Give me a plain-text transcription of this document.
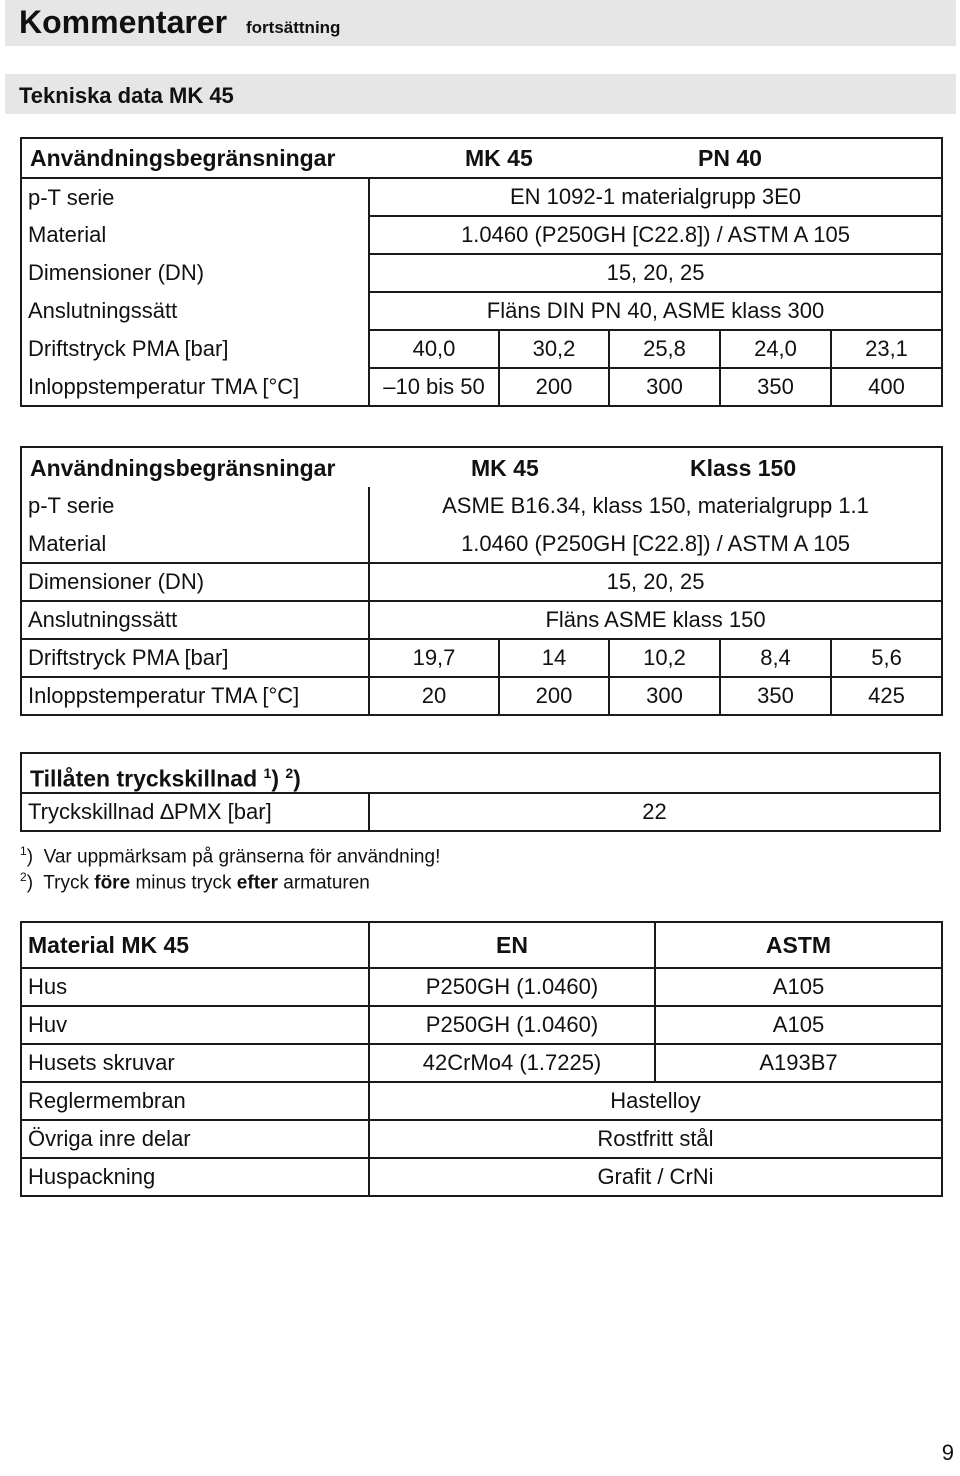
Kommentarer fortsättning
Tekniska data MK 45
Användningsbegränsningar MK 45 PN 40					

p-T serie	EN 1092-1 materialgrupp 3E0				
Material	1.0460 (P250GH [C22.8]) / ASTM A 105				
Dimensioner (DN)	15, 20, 25				
Anslutningssätt	Fläns DIN PN 40, ASME klass 300				
Driftstryck PMA [bar]	40,0	30,2	25,8	24,0	23,1
Inloppstemperatur TMA [°C]	–10 bis 50	200	300	350	400
Användningsbegränsningar MK 45 Klass 150					

p-T serie	ASME B16.34, klass 150, materialgrupp 1.1				
Material	1.0460 (P250GH [C22.8]) / ASTM A 105				
Dimensioner (DN)	15, 20, 25				
Anslutningssätt	Fläns ASME klass 150				
Driftstryck PMA [bar]	19,7	14	10,2	8,4	5,6
Inloppstemperatur TMA [°C]	20	200	300	350	425
Tillåten tryckskillnad $^1$) $^2$)

Tryckskillnad ∆PMX [bar]	22
$^1$)  Var uppmärksam på gränserna för användning!
$^2$)  Tryck före minus tryck efter armaturen
Material MK 45	EN	ASTM
Hus	P250GH (1.0460)	A105
Huv	P250GH (1.0460)	A105
Husets skruvar	42CrMo4 (1.7225)	A193B7
Reglermembran	Hastelloy	
Övriga inre delar	Rostfritt stål	
Huspackning	Grafit / CrNi	
9
